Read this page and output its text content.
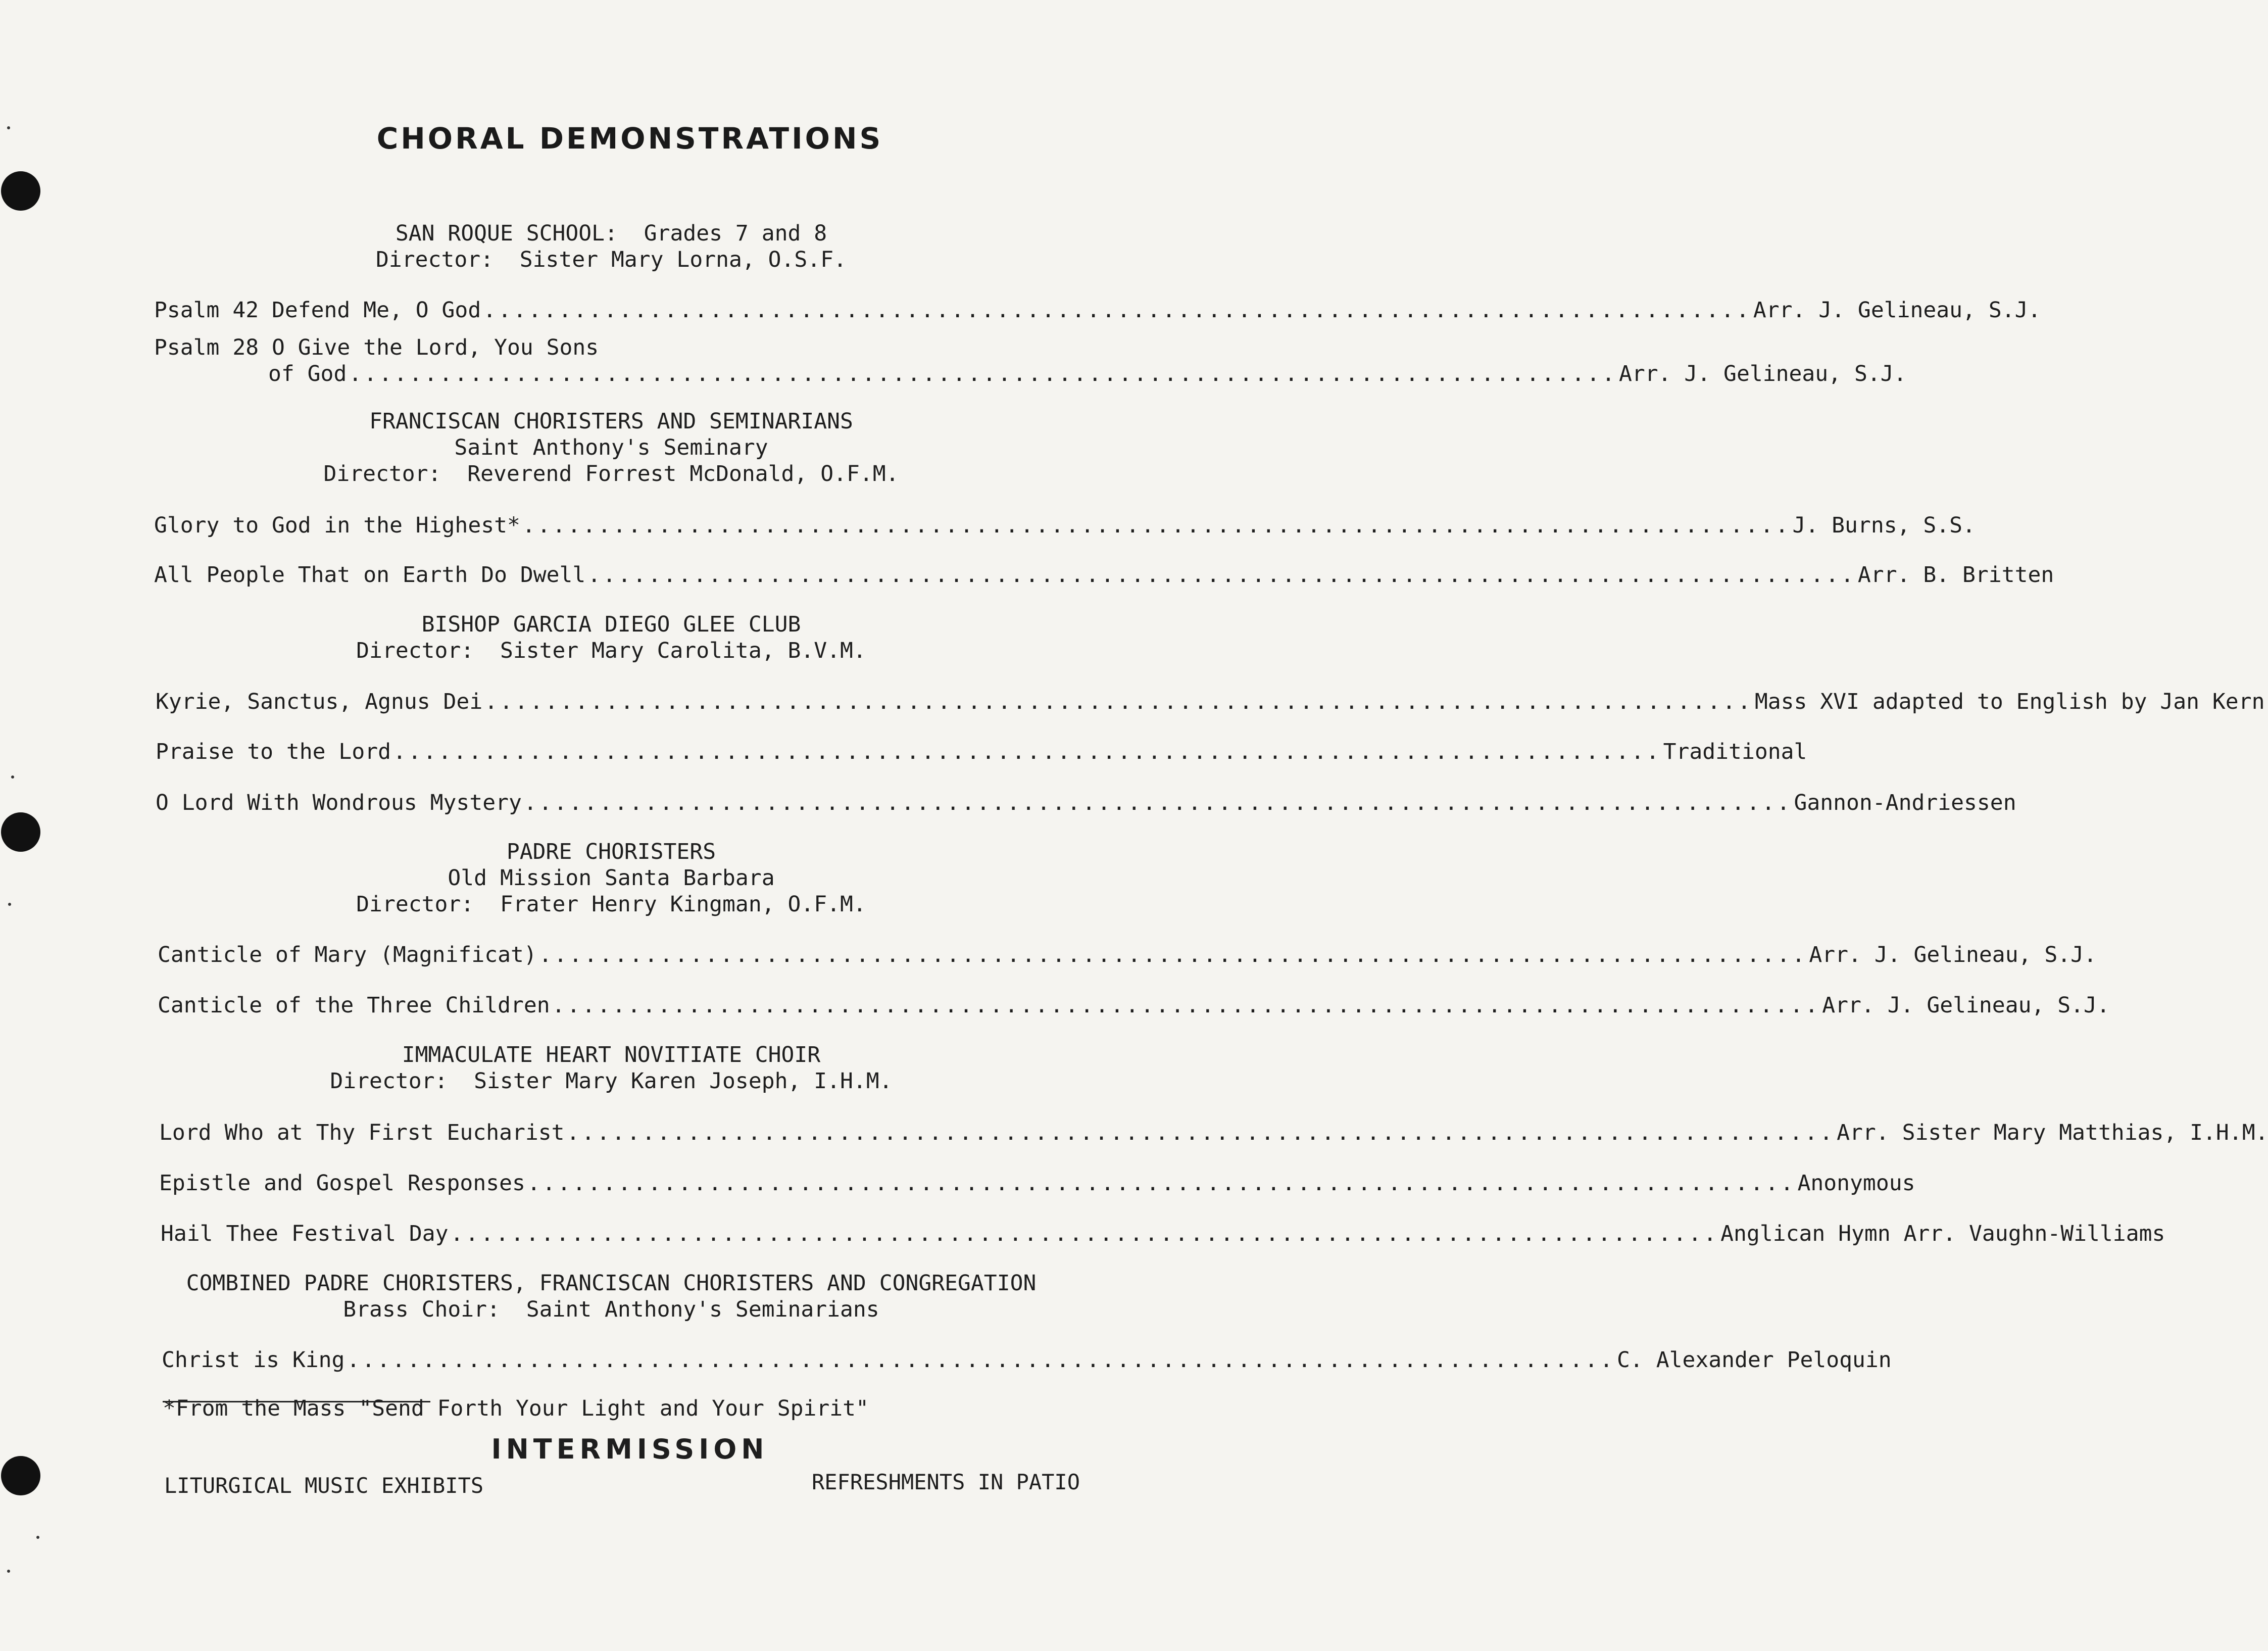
CHORAL DEMONSTRATIONS
SAN ROQUE SCHOOL:  Grades 7 and 8
Director:  Sister Mary Lorna, O.S.F.
Psalm 42 Defend Me, O God .................................................................................... Arr. J. Gelineau, S.J.
Psalm 28 O Give the Lord, You Sons
of God .................................................................................... Arr. J. Gelineau, S.J.
FRANCISCAN CHORISTERS AND SEMINARIANS
Saint Anthony's Seminary
Director:  Reverend Forrest McDonald, O.F.M.
Glory to God in the Highest* .................................................................................... J. Burns, S.S.
All People That on Earth Do Dwell .................................................................................... Arr. B. Britten
BISHOP GARCIA DIEGO GLEE CLUB
Director:  Sister Mary Carolita, B.V.M.
Kyrie, Sanctus, Agnus Dei .................................................................................... Mass XVI adapted to English by Jan Kern
Praise to the Lord .................................................................................... Traditional
O Lord With Wondrous Mystery .................................................................................... Gannon-Andriessen
PADRE CHORISTERS
Old Mission Santa Barbara
Director:  Frater Henry Kingman, O.F.M.
Canticle of Mary (Magnificat) .................................................................................... Arr. J. Gelineau, S.J.
Canticle of the Three Children .................................................................................... Arr. J. Gelineau, S.J.
IMMACULATE HEART NOVITIATE CHOIR
Director:  Sister Mary Karen Joseph, I.H.M.
Lord Who at Thy First Eucharist .................................................................................... Arr. Sister Mary Matthias, I.H.M.
Epistle and Gospel Responses .................................................................................... Anonymous
Hail Thee Festival Day .................................................................................... Anglican Hymn Arr. Vaughn-Williams
COMBINED PADRE CHORISTERS, FRANCISCAN CHORISTERS AND CONGREGATION
Brass Choir:  Saint Anthony's Seminarians
Christ is King .................................................................................... C. Alexander Peloquin
*From the Mass "Send Forth Your Light and Your Spirit"
INTERMISSION
LITURGICAL MUSIC EXHIBITS	REFRESHMENTS IN PATIO
